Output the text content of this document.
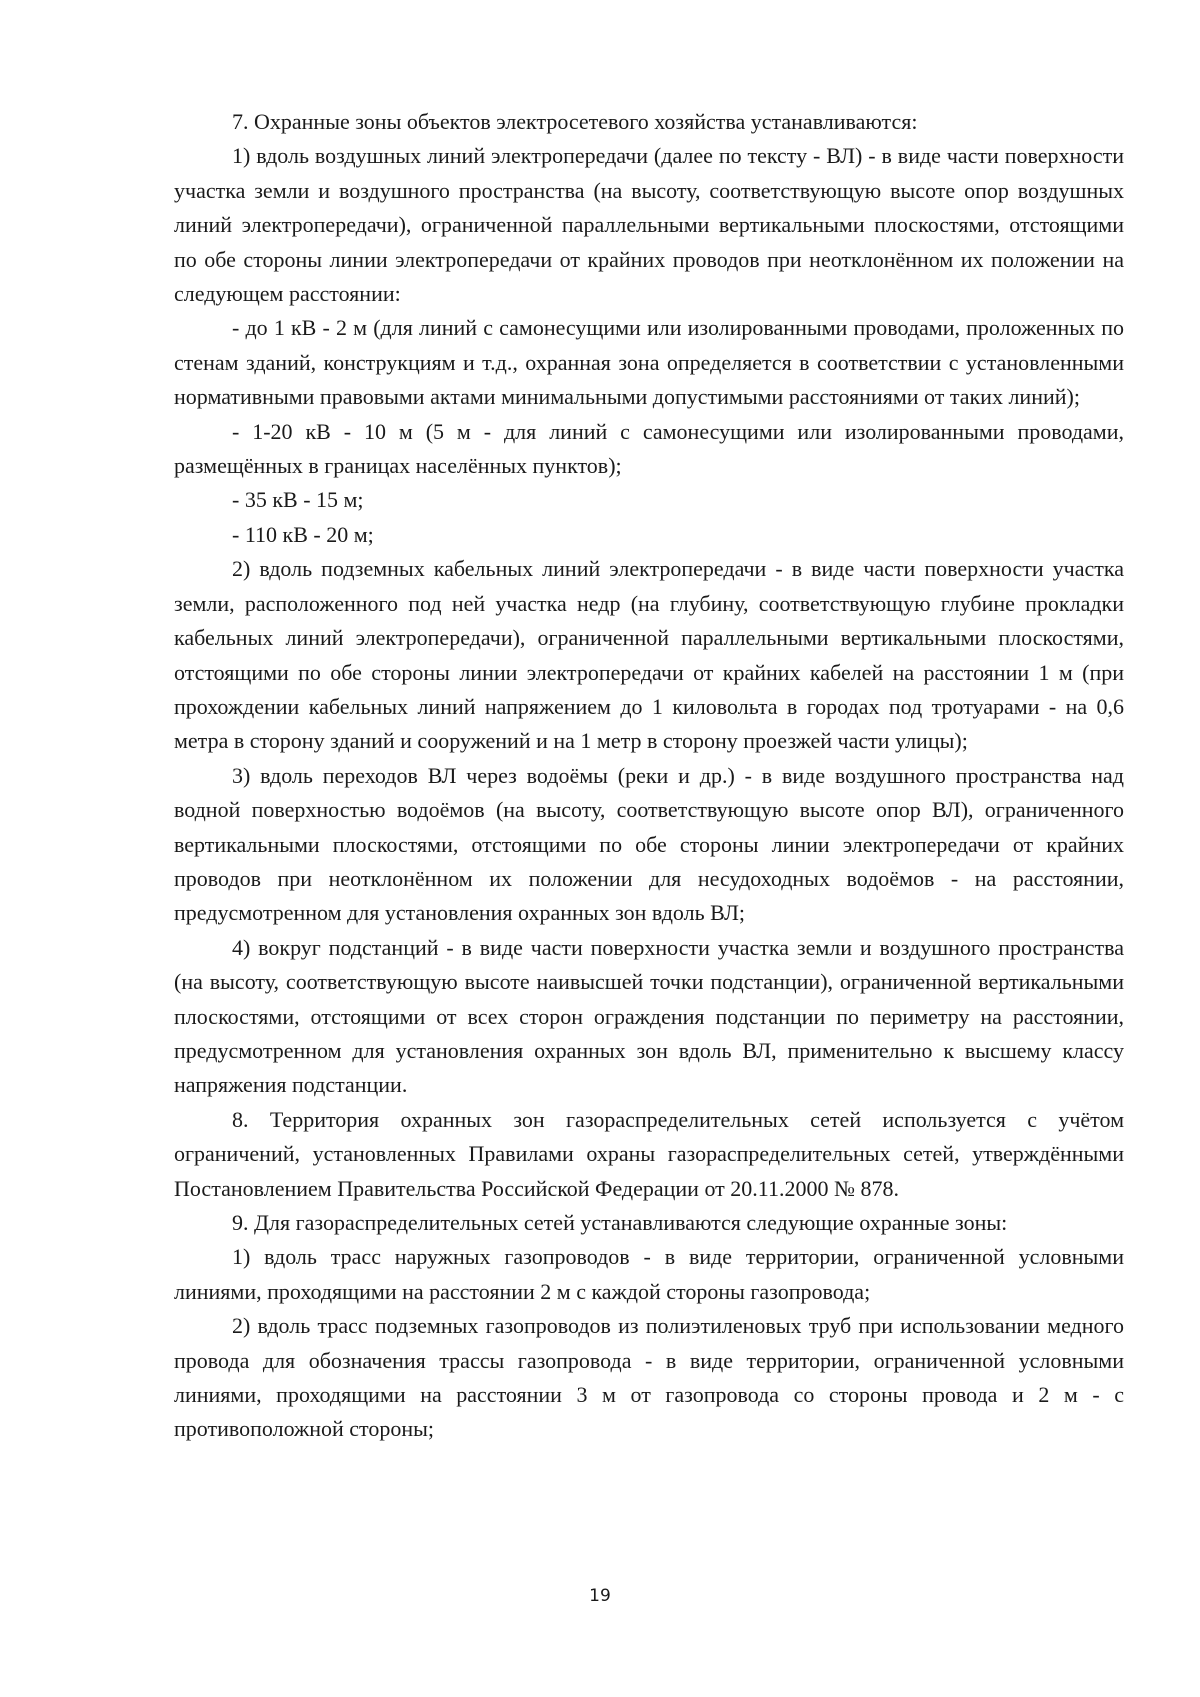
7. Охранные зоны объектов электросетевого хозяйства устанавливаются:

1) вдоль воздушных линий электропередачи (далее по тексту - ВЛ) - в виде части поверхности участка земли и воздушного пространства (на высоту, соответствующую высоте опор воздушных линий электропередачи), ограниченной параллельными вертикальными плоскостями, отстоящими по обе стороны линии электропередачи от крайних проводов при неотклонённом их положении на следующем расстоянии:

- до 1 кВ - 2 м (для линий с самонесущими или изолированными проводами, проложенных по стенам зданий, конструкциям и т.д., охранная зона определяется в соответствии с установленными нормативными правовыми актами минимальными допустимыми расстояниями от таких линий);

- 1-20 кВ - 10 м (5 м - для линий с самонесущими или изолированными проводами, размещённых в границах населённых пунктов);

- 35 кВ - 15 м;

- 110 кВ - 20 м;

2) вдоль подземных кабельных линий электропередачи - в виде части поверхности участка земли, расположенного под ней участка недр (на глубину, соответствующую глубине прокладки кабельных линий электропередачи), ограниченной параллельными вертикальными плоскостями, отстоящими по обе стороны линии электропередачи от крайних кабелей на расстоянии 1 м (при прохождении кабельных линий напряжением до 1 киловольта в городах под тротуарами - на 0,6 метра в сторону зданий и сооружений и на 1 метр в сторону проезжей части улицы);

3) вдоль переходов ВЛ через водоёмы (реки и др.) - в виде воздушного пространства над водной поверхностью водоёмов (на высоту, соответствующую высоте опор ВЛ), ограниченного вертикальными плоскостями, отстоящими по обе стороны линии электропередачи от крайних проводов при неотклонённом их положении для несудоходных водоёмов - на расстоянии, предусмотренном для установления охранных зон вдоль ВЛ;

4) вокруг подстанций - в виде части поверхности участка земли и воздушного пространства (на высоту, соответствующую высоте наивысшей точки подстанции), ограниченной вертикальными плоскостями, отстоящими от всех сторон ограждения подстанции по периметру на расстоянии, предусмотренном для установления охранных зон вдоль ВЛ, применительно к высшему классу напряжения подстанции.

8. Территория охранных зон газораспределительных сетей используется с учётом ограничений, установленных Правилами охраны газораспределительных сетей, утверждёнными Постановлением Правительства Российской Федерации от 20.11.2000 № 878.

9. Для газораспределительных сетей устанавливаются следующие охранные зоны:

1) вдоль трасс наружных газопроводов - в виде территории, ограниченной условными линиями, проходящими на расстоянии 2 м с каждой стороны газопровода;

2) вдоль трасс подземных газопроводов из полиэтиленовых труб при использовании медного провода для обозначения трассы газопровода - в виде территории, ограниченной условными линиями, проходящими на расстоянии 3 м от газопровода со стороны провода и 2 м - с противоположной стороны;

19
